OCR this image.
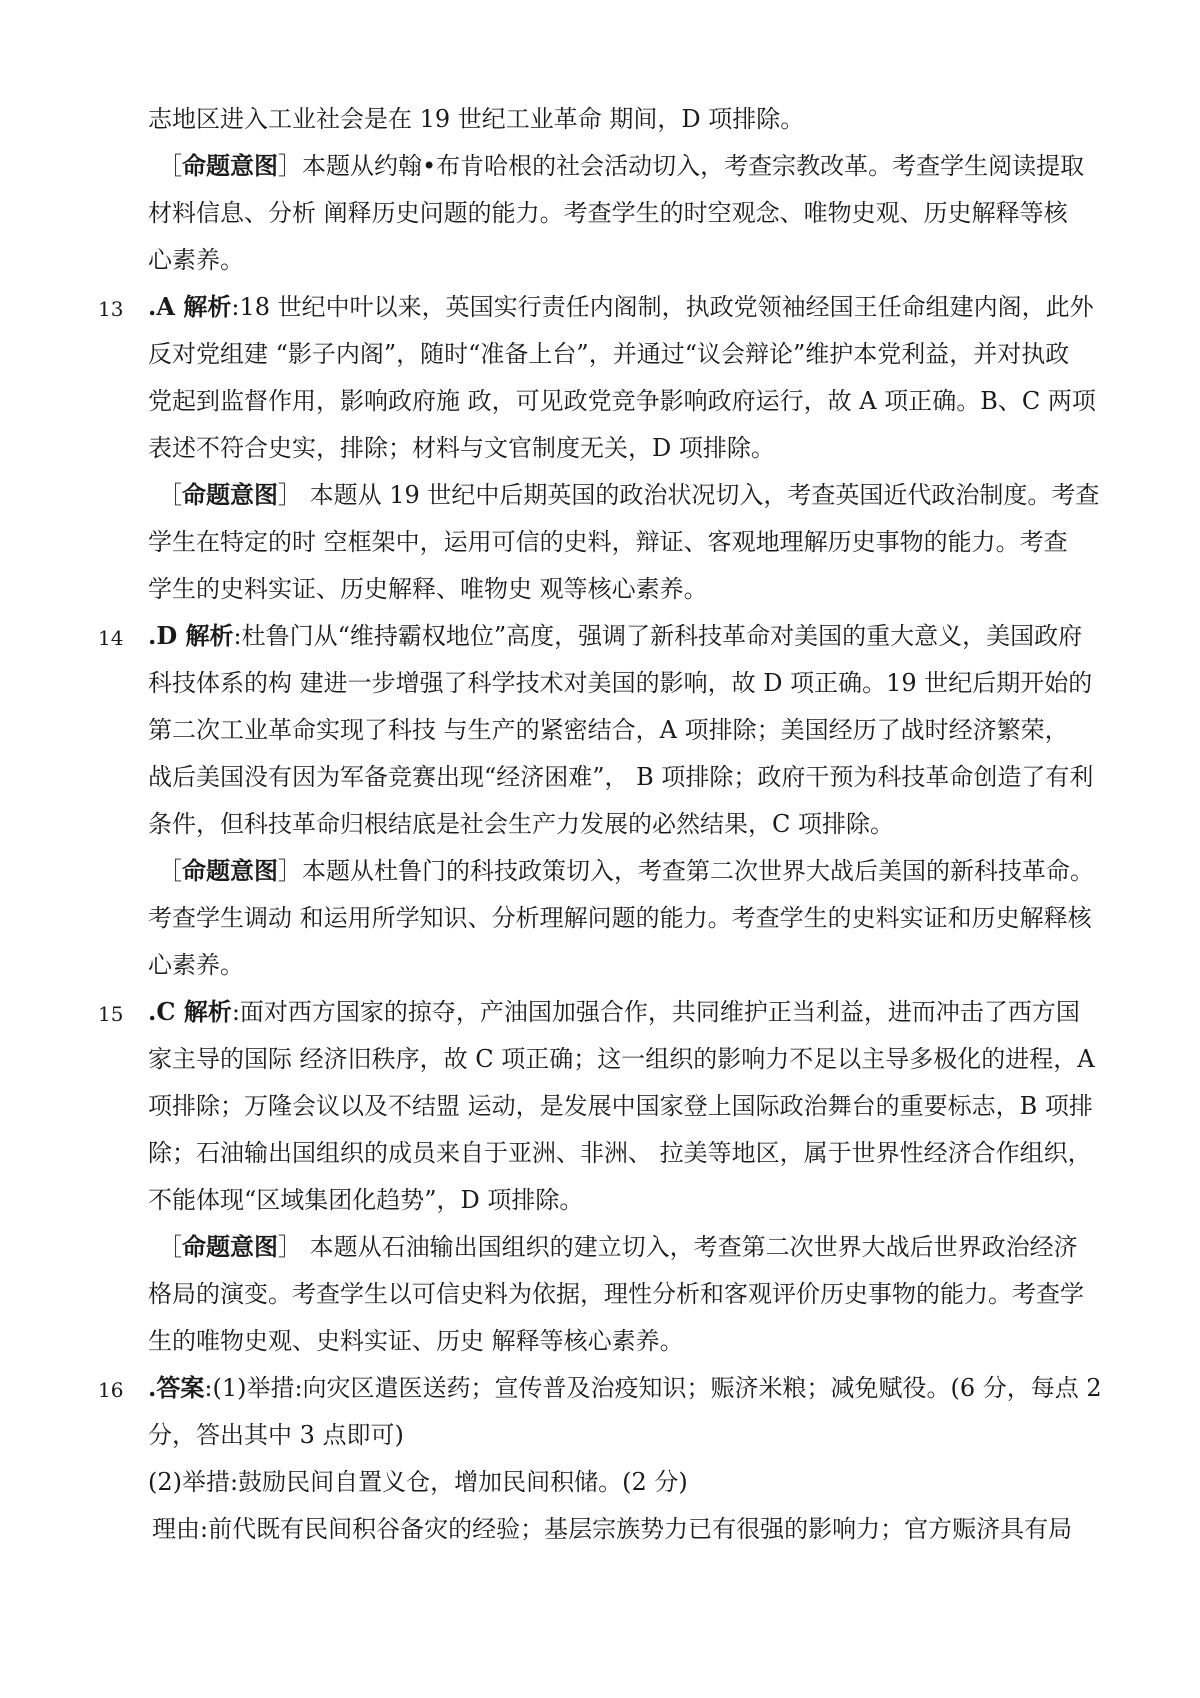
志地区进入工业社会是在 19 世纪工业革命 期间，D 项排除。
［命题意图］本题从约翰•布肯哈根的社会活动切入，考查宗教改革。考查学生阅读提取
材料信息、分析 阐释历史问题的能力。考查学生的时空观念、唯物史观、历史解释等核
心素养。
13 .A 解析:18 世纪中叶以来，英国实行责任内阁制，执政党领袖经国王任命组建内阁，此外
反对党组建 “影子内阁”，随时“准备上台”，并通过“议会辩论”维护本党利益，并对执政
党起到监督作用，影响政府施 政，可见政党竞争影响政府运行，故 A 项正确。B、C 两项
表述不符合史实，排除；材料与文官制度无关，D 项排除。
［命题意图］ 本题从 19 世纪中后期英国的政治状况切入，考查英国近代政治制度。考查
学生在特定的时 空框架中，运用可信的史料，辩证、客观地理解历史事物的能力。考查
学生的史料实证、历史解释、唯物史 观等核心素养。
14 .D 解析:杜鲁门从“维持霸权地位”高度，强调了新科技革命对美国的重大意义，美国政府
科技体系的构 建进一步增强了科学技术对美国的影响，故 D 项正确。19 世纪后期开始的
第二次工业革命实现了科技 与生产的紧密结合，A 项排除；美国经历了战时经济繁荣，
战后美国没有因为军备竞赛出现“经济困难”， B 项排除；政府干预为科技革命创造了有利
条件，但科技革命归根结底是社会生产力发展的必然结果，C 项排除。
［命题意图］本题从杜鲁门的科技政策切入，考查第二次世界大战后美国的新科技革命。
考查学生调动 和运用所学知识、分析理解问题的能力。考查学生的史料实证和历史解释核
心素养。
15 .C 解析:面对西方国家的掠夺，产油国加强合作，共同维护正当利益，进而冲击了西方国
家主导的国际 经济旧秩序，故 C 项正确；这一组织的影响力不足以主导多极化的进程，A
项排除；万隆会议以及不结盟 运动，是发展中国家登上国际政治舞台的重要标志，B 项排
除；石油输出国组织的成员来自于亚洲、非洲、 拉美等地区，属于世界性经济合作组织，
不能体现“区域集团化趋势”，D 项排除。
［命题意图］ 本题从石油输出国组织的建立切入，考查第二次世界大战后世界政治经济
格局的演变。考查学生以可信史料为依据，理性分析和客观评价历史事物的能力。考查学
生的唯物史观、史料实证、历史 解释等核心素养。
16 .答案:(1)举措:向灾区遣医送药；宣传普及治疫知识；赈济米粮；减免赋役。(6 分，每点 2
分，答出其中 3 点即可)
(2)举措:鼓励民间自置义仓，增加民间积储。(2 分)
理由:前代既有民间积谷备灾的经验；基层宗族势力已有很强的影响力；官方赈济具有局
